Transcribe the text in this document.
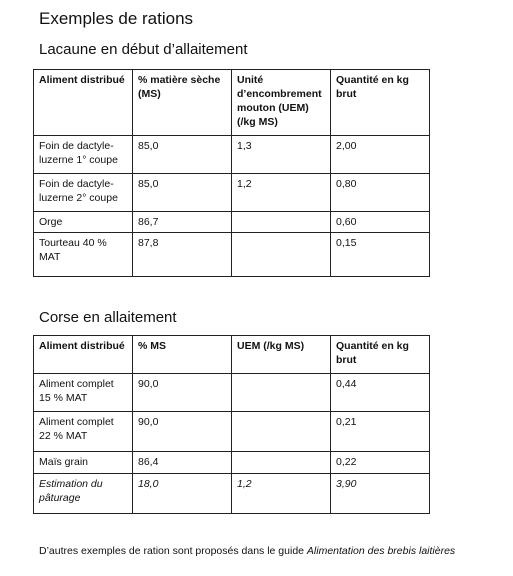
Exemples de rations
Lacaune en début d’allaitement
Aliment distribué	% matière sèche (MS)	Unité d’encombrement mouton (UEM) (/kg MS)	Quantité en kg brut
Foin de dactyle-luzerne 1° coupe	85,0	1,3	2,00
Foin de dactyle-luzerne 2° coupe	85,0	1,2	0,80
Orge	86,7		0,60
Tourteau 40 % MAT	87,8		0,15
Corse en allaitement
Aliment distribué	% MS	UEM (/kg MS)	Quantité en kg brut
Aliment complet 15 % MAT	90,0		0,44
Aliment complet 22 % MAT	90,0		0,21
Maïs grain	86,4		0,22
Estimation du pâturage	18,0	1,2	3,90
D’autres exemples de ration sont proposés dans le guide Alimentation des brebis laitières
